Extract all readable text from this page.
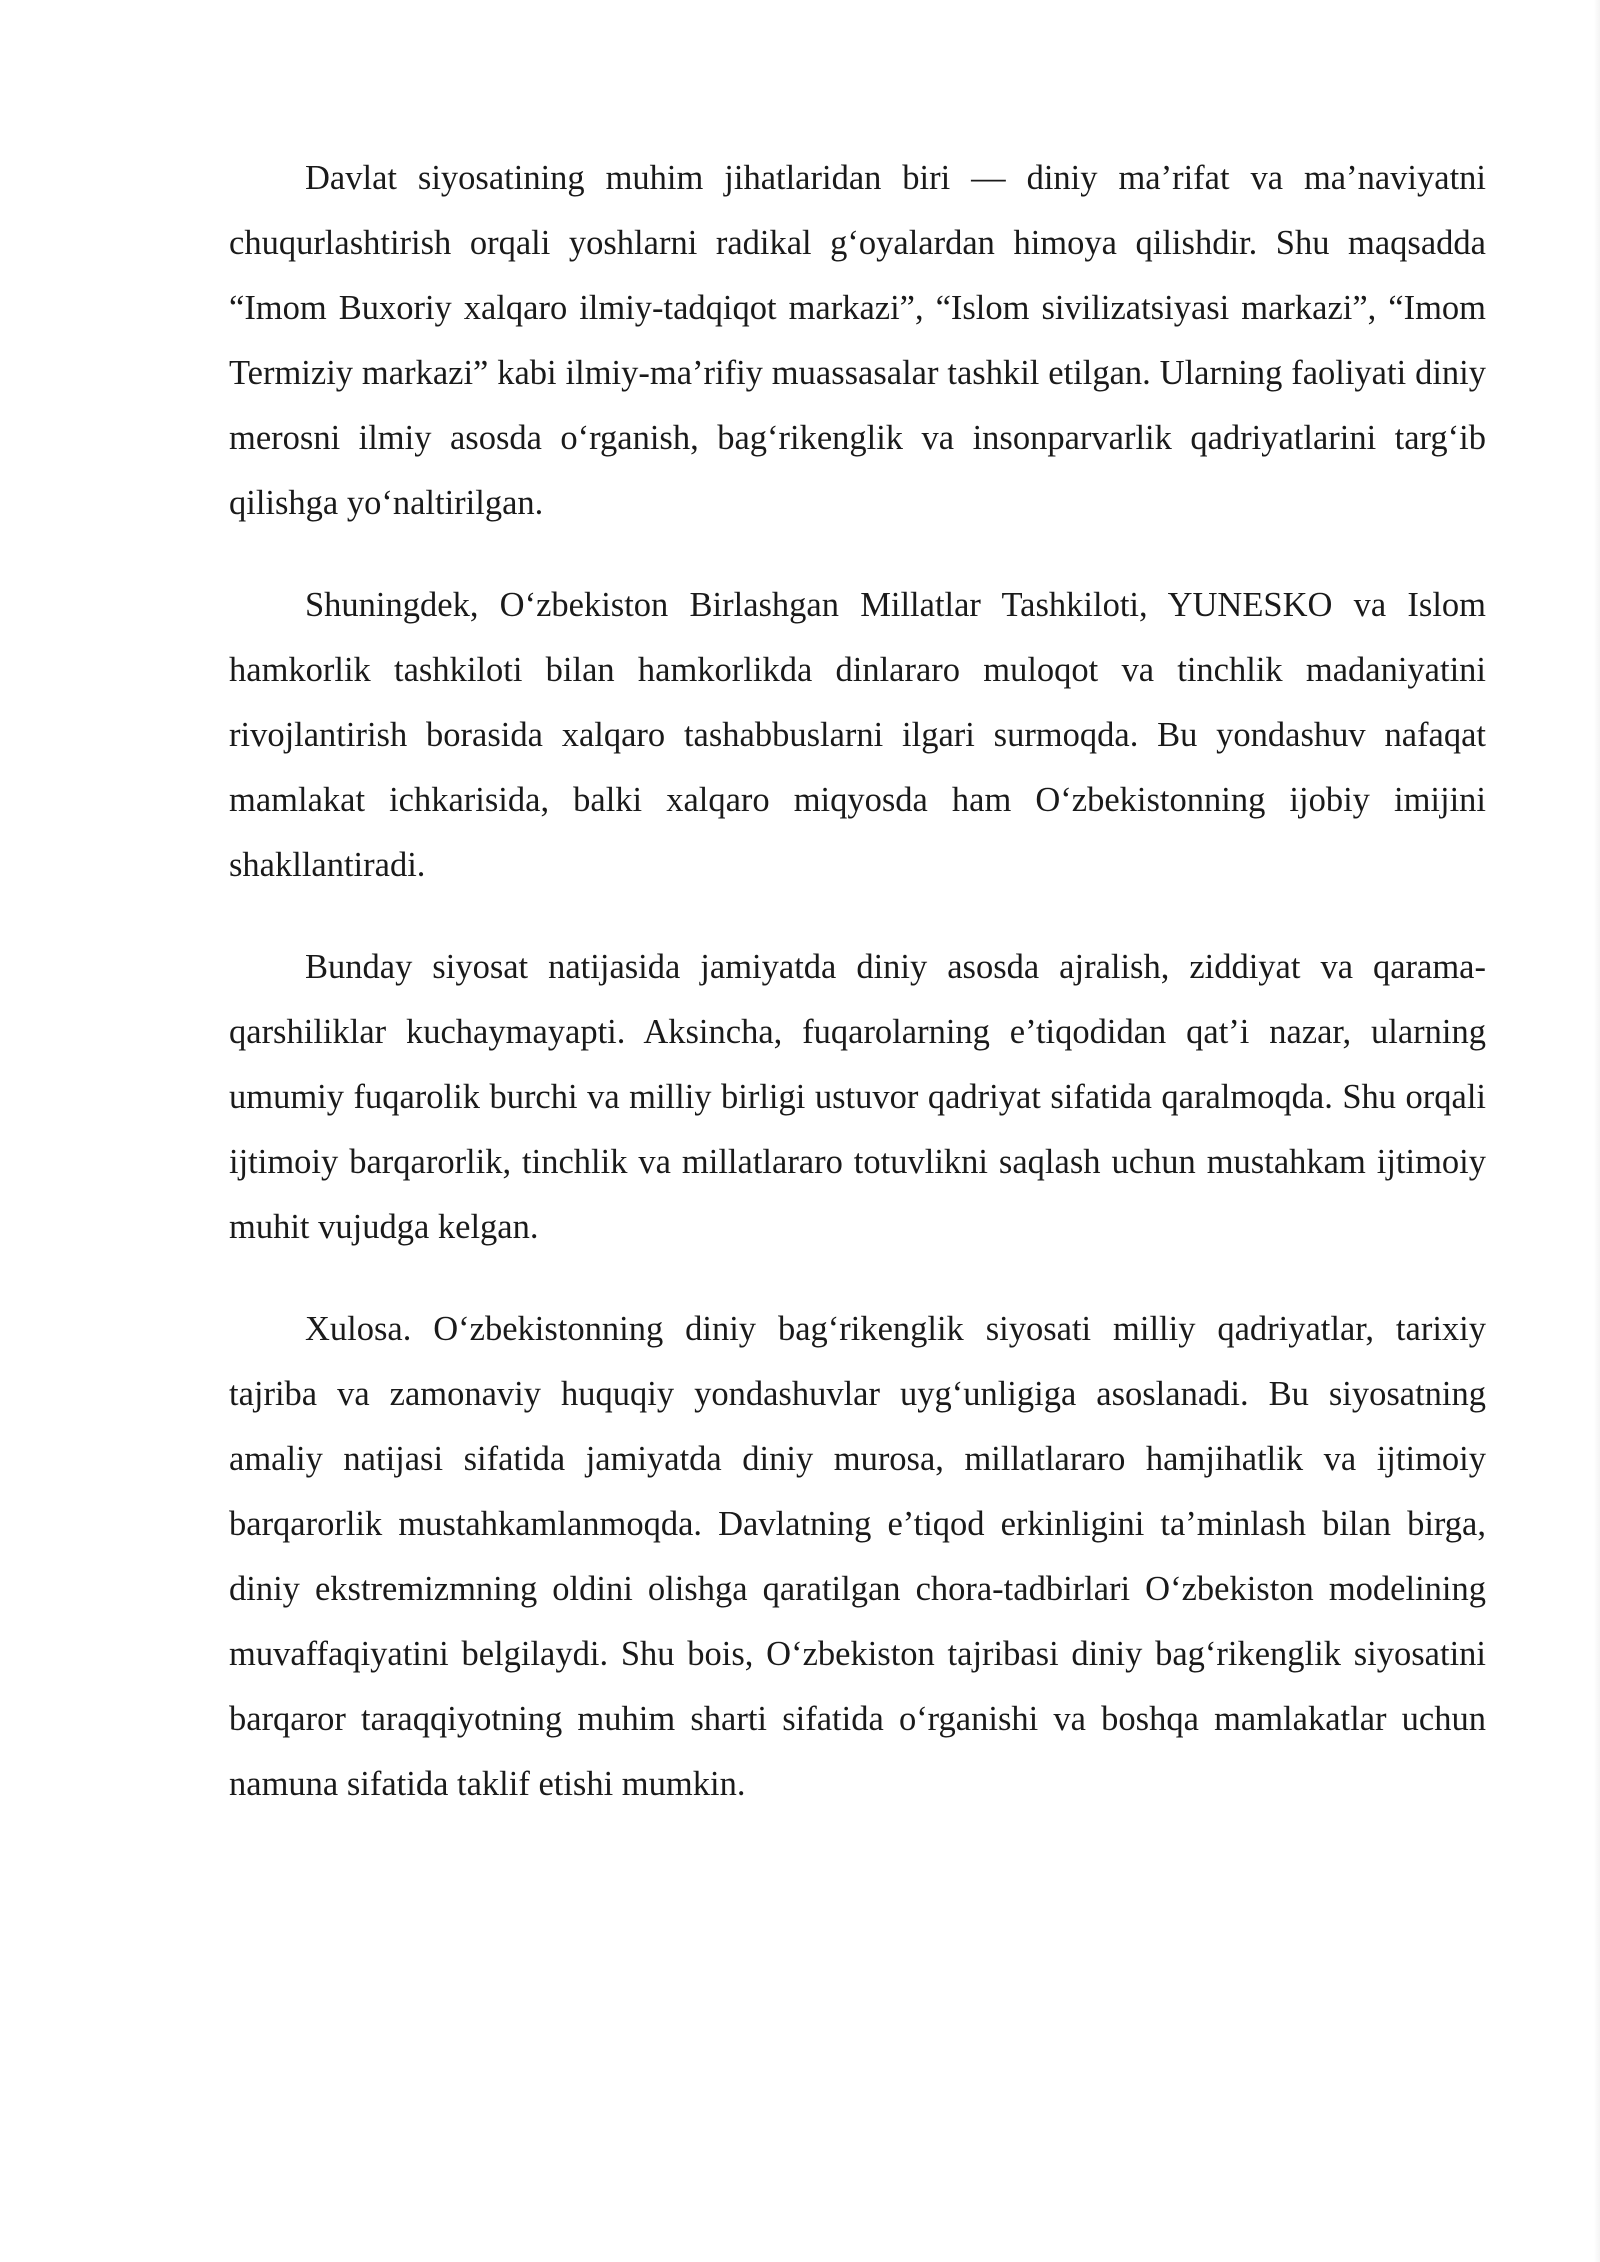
Davlat siyosatining muhim jihatlaridan biri — diniy ma’rifat va ma’naviyatni chuqurlashtirish orqali yoshlarni radikal g‘oyalardan himoya qilishdir. Shu maqsadda “Imom Buxoriy xalqaro ilmiy-tadqiqot markazi”, “Islom sivilizatsiyasi markazi”, “Imom Termiziy markazi” kabi ilmiy-ma’rifiy muassasalar tashkil etilgan. Ularning faoliyati diniy merosni ilmiy asosda o‘rganish, bag‘rikenglik va insonparvarlik qadriyatlarini targ‘ib qilishga yo‘naltirilgan.

Shuningdek, O‘zbekiston Birlashgan Millatlar Tashkiloti, YUNESKO va Islom hamkorlik tashkiloti bilan hamkorlikda dinlararo muloqot va tinchlik madaniyatini rivojlantirish borasida xalqaro tashabbuslarni ilgari surmoqda. Bu yondashuv nafaqat mamlakat ichkarisida, balki xalqaro miqyosda ham O‘zbekistonning ijobiy imijini shakllantiradi.

Bunday siyosat natijasida jamiyatda diniy asosda ajralish, ziddiyat va qarama-qarshiliklar kuchaymayapti. Aksincha, fuqarolarning e’tiqodidan qat’i nazar, ularning umumiy fuqarolik burchi va milliy birligi ustuvor qadriyat sifatida qaralmoqda. Shu orqali ijtimoiy barqarorlik, tinchlik va millatlararo totuvlikni saqlash uchun mustahkam ijtimoiy muhit vujudga kelgan.

Xulosa. O‘zbekistonning diniy bag‘rikenglik siyosati milliy qadriyatlar, tarixiy tajriba va zamonaviy huquqiy yondashuvlar uyg‘unligiga asoslanadi. Bu siyosatning amaliy natijasi sifatida jamiyatda diniy murosa, millatlararo hamjihatlik va ijtimoiy barqarorlik mustahkamlanmoqda. Davlatning e’tiqod erkinligini ta’minlash bilan birga, diniy ekstremizmning oldini olishga qaratilgan chora-tadbirlari O‘zbekiston modelining muvaffaqiyatini belgilaydi. Shu bois, O‘zbekiston tajribasi diniy bag‘rikenglik siyosatini barqaror taraqqiyotning muhim sharti sifatida o‘rganishi va boshqa mamlakatlar uchun namuna sifatida taklif etishi mumkin.
